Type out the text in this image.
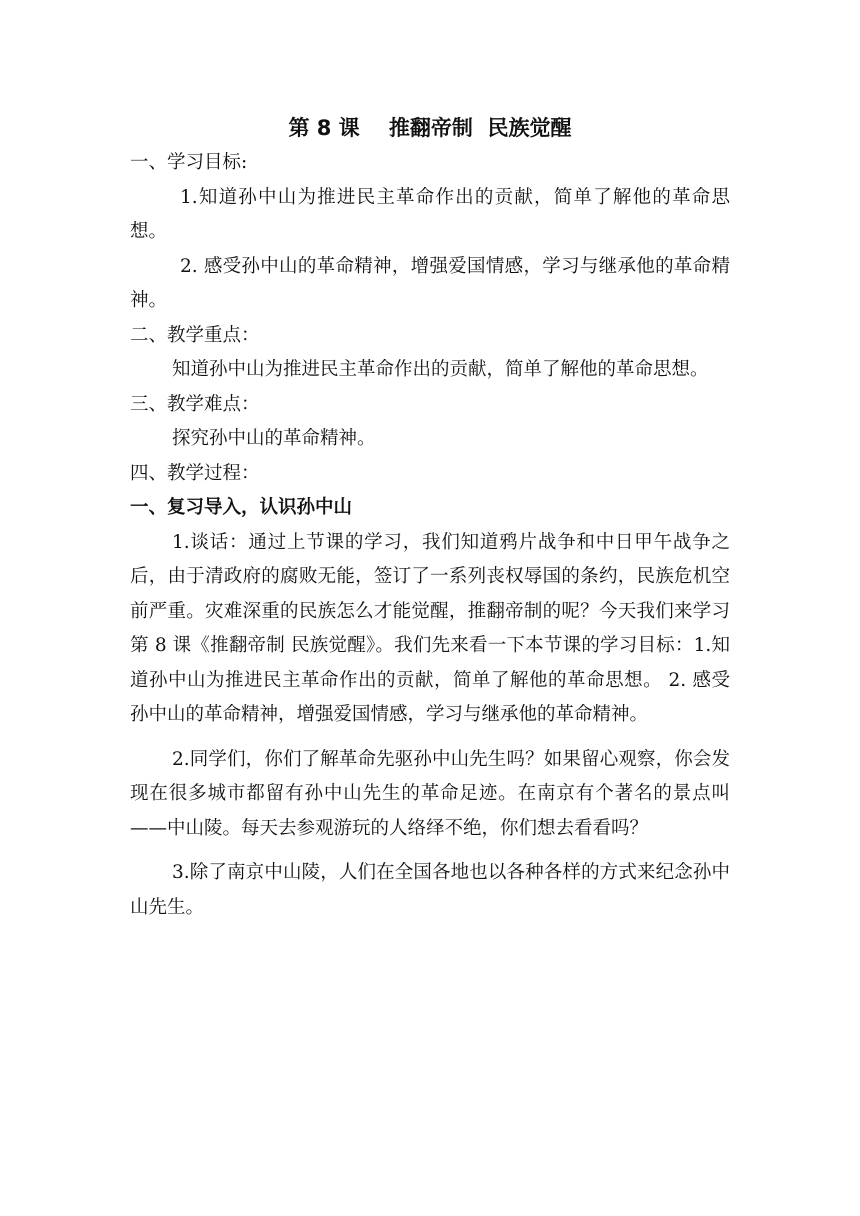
第 8 课    推翻帝制  民族觉醒

一、学习目标:

1.知道孙中山为推进民主革命作出的贡献，简单了解他的革命思想。

2. 感受孙中山的革命精神，增强爱国情感，学习与继承他的革命精神。

二、教学重点：

知道孙中山为推进民主革命作出的贡献，简单了解他的革命思想。

三、教学难点：

探究孙中山的革命精神。

四、教学过程：

一、复习导入，认识孙中山

1.谈话：通过上节课的学习，我们知道鸦片战争和中日甲午战争之后，由于清政府的腐败无能，签订了一系列丧权辱国的条约，民族危机空前严重。灾难深重的民族怎么才能觉醒，推翻帝制的呢？今天我们来学习第 8 课《推翻帝制 民族觉醒》。我们先来看一下本节课的学习目标：1.知道孙中山为推进民主革命作出的贡献，简单了解他的革命思想。 2. 感受孙中山的革命精神，增强爱国情感，学习与继承他的革命精神。

2.同学们，你们了解革命先驱孙中山先生吗？如果留心观察，你会发现在很多城市都留有孙中山先生的革命足迹。在南京有个著名的景点叫——中山陵。每天去参观游玩的人络绎不绝，你们想去看看吗？

3.除了南京中山陵，人们在全国各地也以各种各样的方式来纪念孙中山先生。
